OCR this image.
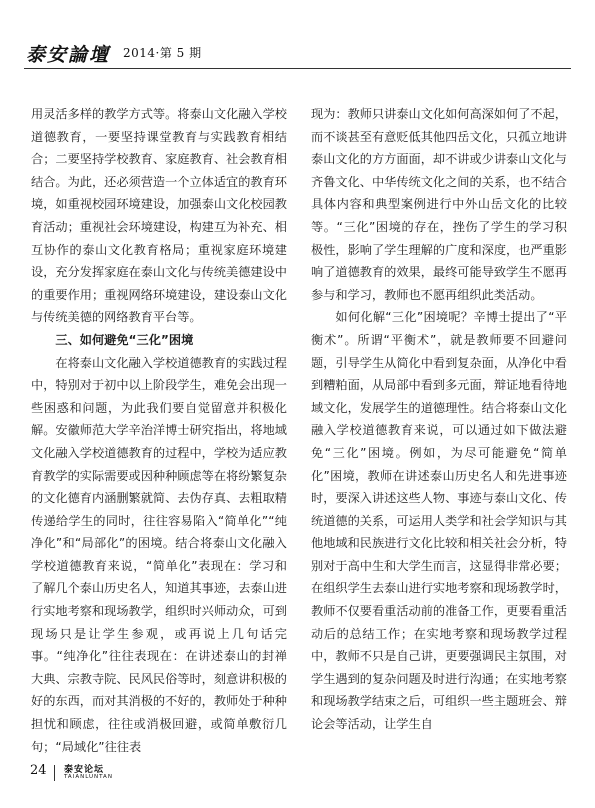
泰安論壇 2014·第 5 期

用灵活多样的教学方式等。将泰山文化融入学校道德教育，一要坚持课堂教育与实践教育相结合；二要坚持学校教育、家庭教育、社会教育相结合。为此，还必须营造一个立体适宜的教育环境，如重视校园环境建设，加强泰山文化校园教育活动；重视社会环境建设，构建互为补充、相互协作的泰山文化教育格局；重视家庭环境建设，充分发挥家庭在泰山文化与传统美德建设中的重要作用；重视网络环境建设，建设泰山文化与传统美德的网络教育平台等。

三、如何避免“三化”困境

在将泰山文化融入学校道德教育的实践过程中，特别对于初中以上阶段学生，难免会出现一些困惑和问题，为此我们要自觉留意并积极化解。安徽师范大学辛治洋博士研究指出，将地域文化融入学校道德教育的过程中，学校为适应教育教学的实际需要或因种种顾虑等在将纷繁复杂的文化德育内涵删繁就简、去伪存真、去粗取精传递给学生的同时，往往容易陷入“简单化”“纯净化”和“局部化”的困境。结合将泰山文化融入学校道德教育来说，“简单化”表现在：学习和了解几个泰山历史名人，知道其事迹，去泰山进行实地考察和现场教学，组织时兴师动众，可到现场只是让学生参观，或再说上几句话完事。“纯净化”往往表现在：在讲述泰山的封禅大典、宗教寺院、民风民俗等时，刻意讲积极的好的东西，而对其消极的不好的，教师处于种种担忧和顾虑，往往或消极回避，或简单敷衍几句；“局域化”往往表

现为：教师只讲泰山文化如何高深如何了不起，而不谈甚至有意贬低其他四岳文化，只孤立地讲泰山文化的方方面面，却不讲或少讲泰山文化与齐鲁文化、中华传统文化之间的关系，也不结合具体内容和典型案例进行中外山岳文化的比较等。“三化”困境的存在，挫伤了学生的学习积极性，影响了学生理解的广度和深度，也严重影响了道德教育的效果，最终可能导致学生不愿再参与和学习，教师也不愿再组织此类活动。

如何化解“三化”困境呢？辛博士提出了“平衡术”。所谓“平衡术”，就是教师要不回避问题，引导学生从简化中看到复杂面，从净化中看到糟粕面，从局部中看到多元面，辩证地看待地域文化，发展学生的道德理性。结合将泰山文化融入学校道德教育来说，可以通过如下做法避免“三化”困境。例如，为尽可能避免“简单化”困境，教师在讲述泰山历史名人和先进事迹时，要深入讲述这些人物、事迹与泰山文化、传统道德的关系，可运用人类学和社会学知识与其他地域和民族进行文化比较和相关社会分析，特别对于高中生和大学生而言，这显得非常必要；在组织学生去泰山进行实地考察和现场教学时，教师不仅要看重活动前的准备工作，更要看重活动后的总结工作；在实地考察和现场教学过程中，教师不只是自己讲，更要强调民主氛围，对学生遇到的复杂问题及时进行沟通；在实地考察和现场教学结束之后，可组织一些主题班会、辩论会等活动，让学生自

24 泰安论坛
TAIANLUNTAN
